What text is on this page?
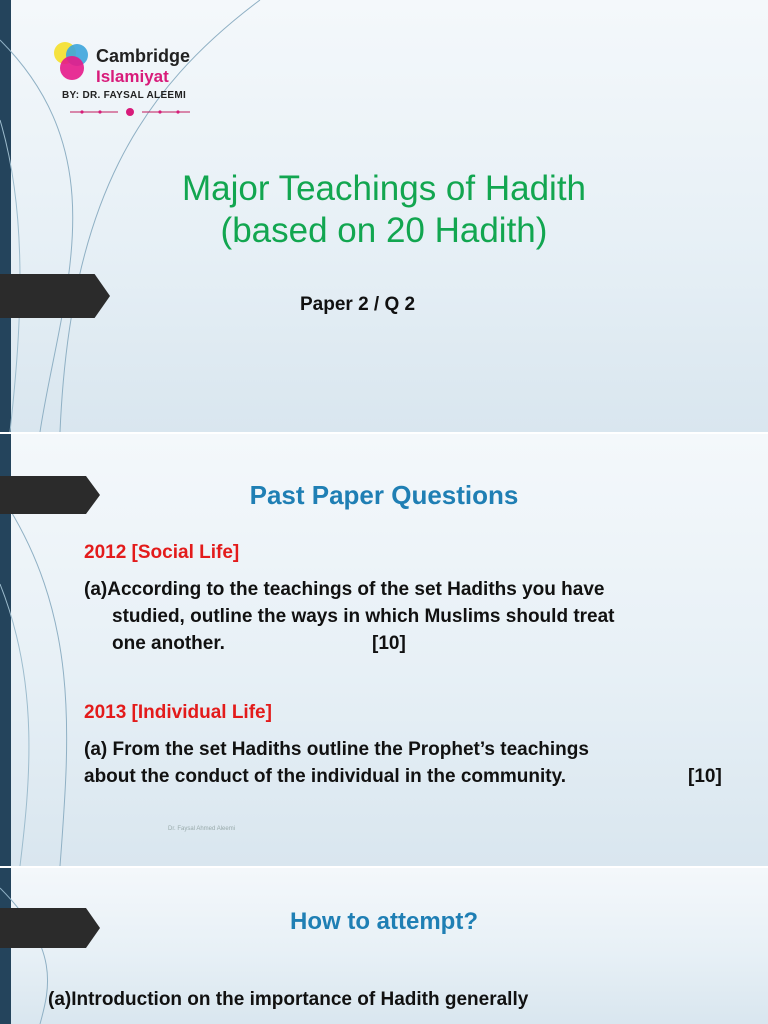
Cambridge
Islamiyat
BY: DR. FAYSAL ALEEMI
Major Teachings of Hadith
(based on 20 Hadith)
Paper 2 / Q 2
Past Paper Questions
2012 [Social Life]
(a)According to the teachings of the set Hadiths you have
studied, outline the ways in which Muslims should treat
one another.	[10]
2013 [Individual Life]
(a) From the set Hadiths outline the Prophet’s teachings
about the conduct of the individual in the community.	[10]
Dr. Faysal Ahmed Aleemi
How to attempt?
(a)Introduction on the importance of Hadith generally
